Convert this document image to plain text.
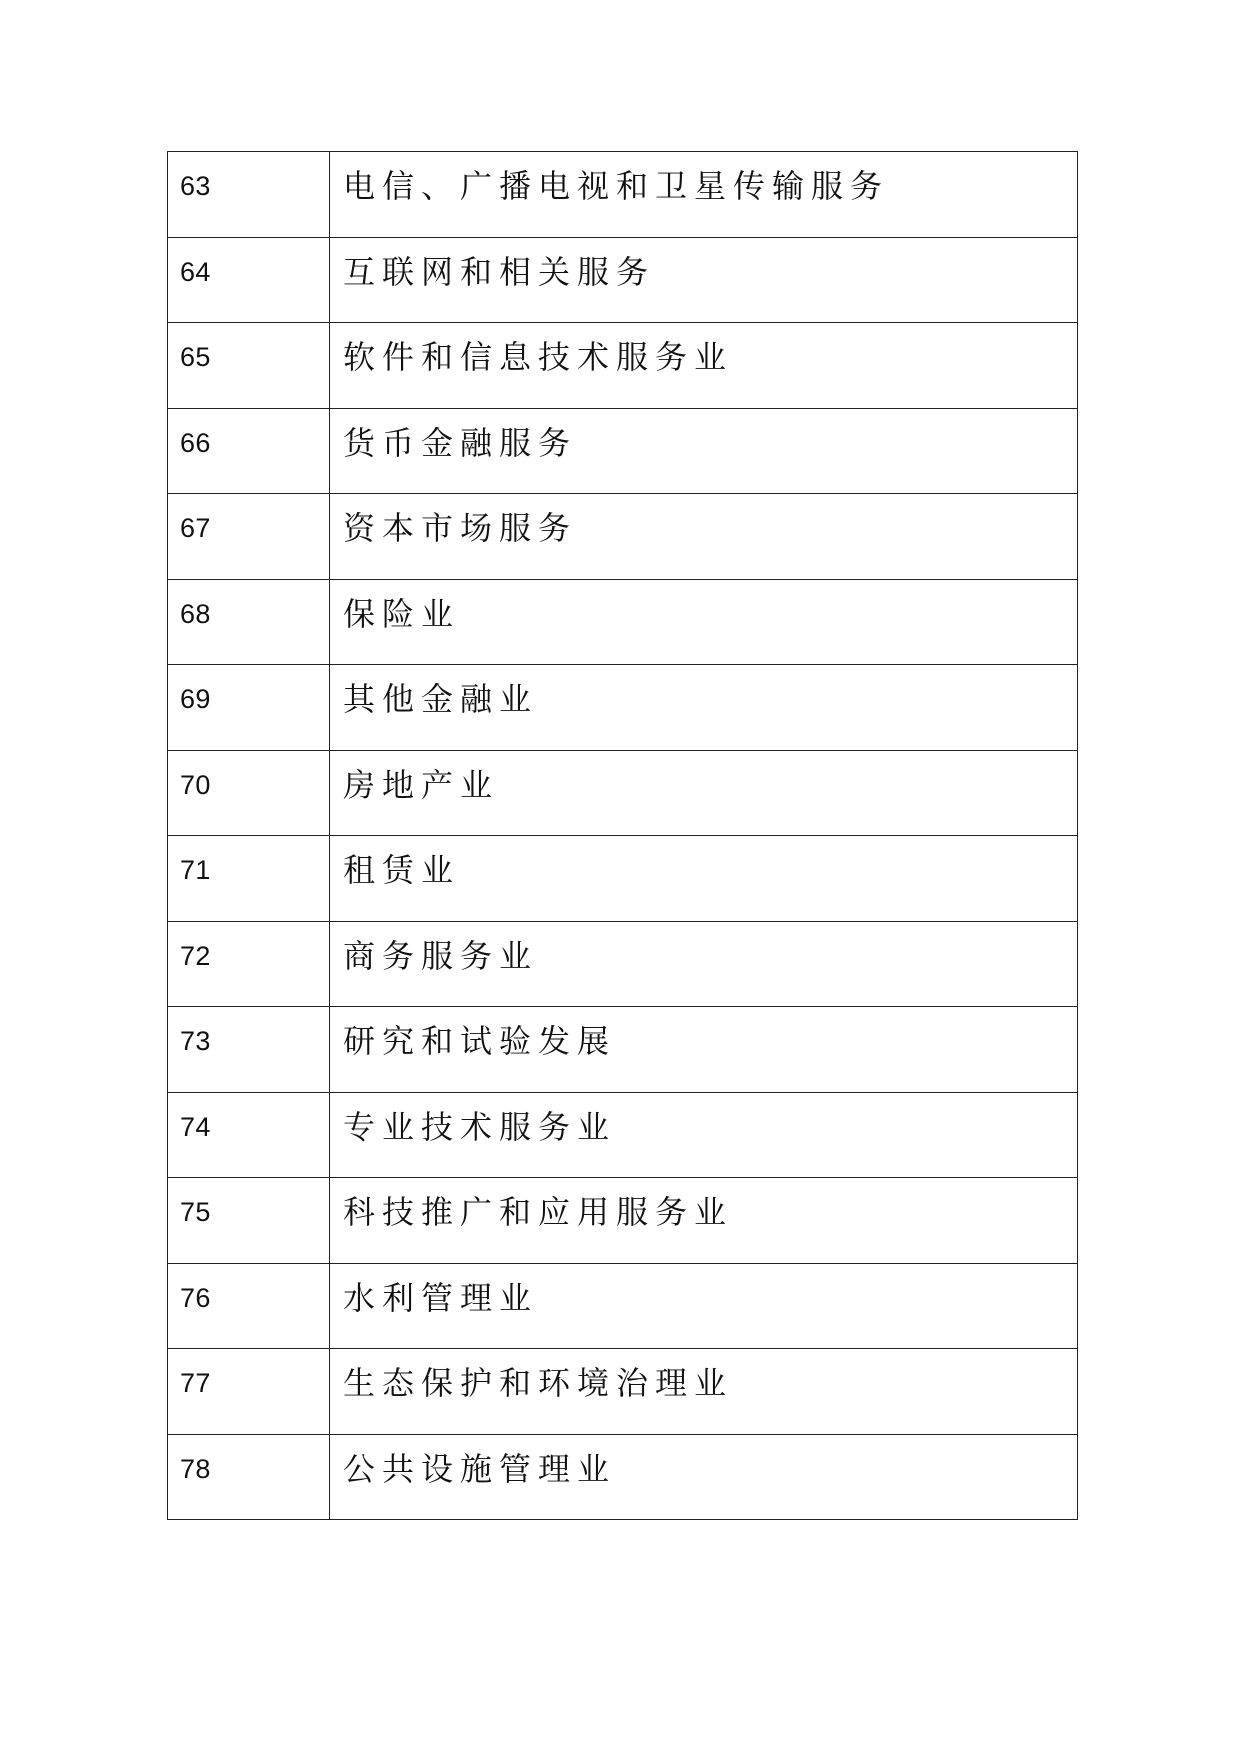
63	电信、广播电视和卫星传输服务

64	互联网和相关服务

65	软件和信息技术服务业

66	货币金融服务

67	资本市场服务

68	保险业

69	其他金融业

70	房地产业

71	租赁业

72	商务服务业

73	研究和试验发展

74	专业技术服务业

75	科技推广和应用服务业

76	水利管理业

77	生态保护和环境治理业

78	公共设施管理业
